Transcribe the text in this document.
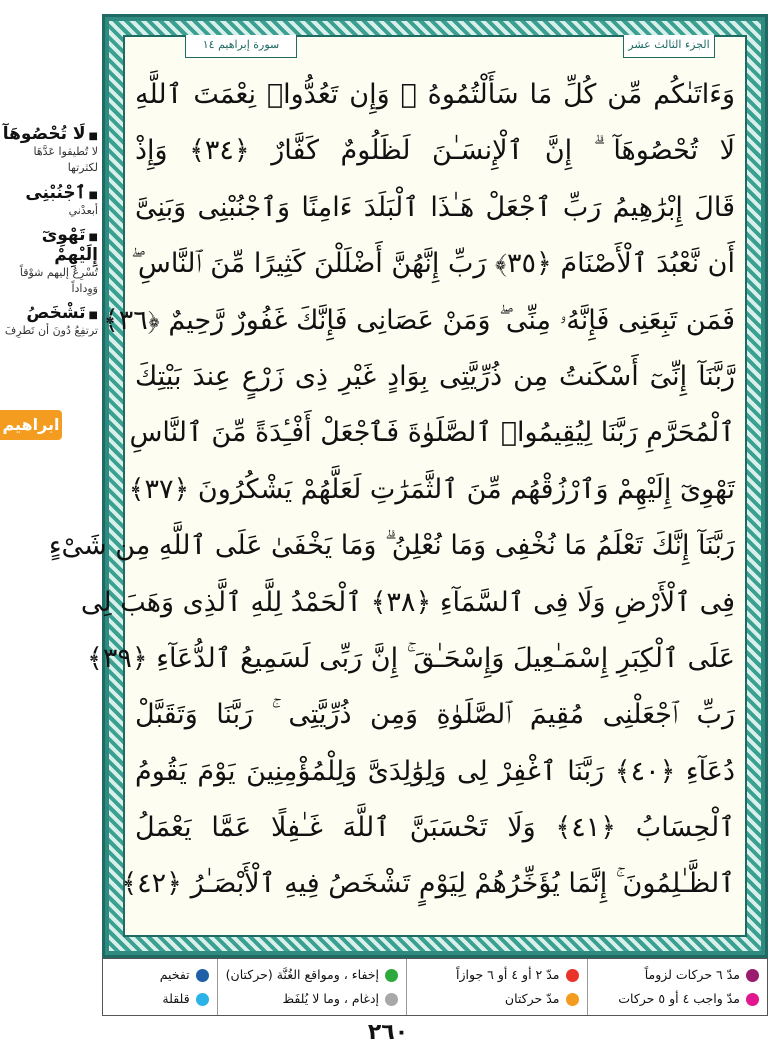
سورة إبراهيم ١٤	الجزء الثالث عشر
وَءَاتَىٰكُم مِّن كُلِّ مَا سَأَلْتُمُوهُ ۚ وَإِن تَعُدُّوا۟ نِعْمَتَ ٱللَّهِ
لَا تُحْصُوهَآ ۗ إِنَّ ٱلْإِنسَـٰنَ لَظَلُومٌ كَفَّارٌ ﴿٣٤﴾ وَإِذْ
قَالَ إِبْرَٰهِيمُ رَبِّ ٱجْعَلْ هَـٰذَا ٱلْبَلَدَ ءَامِنًا وَٱجْنُبْنِى وَبَنِىَّ
أَن نَّعْبُدَ ٱلْأَصْنَامَ ﴿٣٥﴾ رَبِّ إِنَّهُنَّ أَضْلَلْنَ كَثِيرًا مِّنَ ٱلنَّاسِ ۖ
فَمَن تَبِعَنِى فَإِنَّهُۥ مِنِّى ۖ وَمَنْ عَصَانِى فَإِنَّكَ غَفُورٌ رَّحِيمٌ ﴿٣٦﴾
رَّبَّنَآ إِنِّىٓ أَسْكَنتُ مِن ذُرِّيَّتِى بِوَادٍ غَيْرِ ذِى زَرْعٍ عِندَ بَيْتِكَ
ٱلْمُحَرَّمِ رَبَّنَا لِيُقِيمُوا۟ ٱلصَّلَوٰةَ فَٱجْعَلْ أَفْـِٔدَةً مِّنَ ٱلنَّاسِ
تَهْوِىٓ إِلَيْهِمْ وَٱرْزُقْهُم مِّنَ ٱلثَّمَرَٰتِ لَعَلَّهُمْ يَشْكُرُونَ ﴿٣٧﴾
رَبَّنَآ إِنَّكَ تَعْلَمُ مَا نُخْفِى وَمَا نُعْلِنُ ۗ وَمَا يَخْفَىٰ عَلَى ٱللَّهِ مِن شَىْءٍ
فِى ٱلْأَرْضِ وَلَا فِى ٱلسَّمَآءِ ﴿٣٨﴾ ٱلْحَمْدُ لِلَّهِ ٱلَّذِى وَهَبَ لِى
عَلَى ٱلْكِبَرِ إِسْمَـٰعِيلَ وَإِسْحَـٰقَ ۚ إِنَّ رَبِّى لَسَمِيعُ ٱلدُّعَآءِ ﴿٣٩﴾
رَبِّ ٱجْعَلْنِى مُقِيمَ ٱلصَّلَوٰةِ وَمِن ذُرِّيَّتِى ۚ رَبَّنَا وَتَقَبَّلْ
دُعَآءِ ﴿٤٠﴾ رَبَّنَا ٱغْفِرْ لِى وَلِوَٰلِدَىَّ وَلِلْمُؤْمِنِينَ يَوْمَ يَقُومُ
ٱلْحِسَابُ ﴿٤١﴾ وَلَا تَحْسَبَنَّ ٱللَّهَ غَـٰفِلًا عَمَّا يَعْمَلُ
ٱلظَّـٰلِمُونَ ۚ إِنَّمَا يُؤَخِّرُهُمْ لِيَوْمٍ تَشْخَصُ فِيهِ ٱلْأَبْصَـٰرُ ﴿٤٢﴾
■لَا تُحْصُوهَآ
لا تُطيقوا عَدَّهَا لكثرتها
■ٱجْنُبْنِى
أبعدْني
■تَهْوِىٓ إِلَيْهِمْ
تُسْرِعُ إليهم شوْقاً وَوِداداً
■تَشْخَصُ
ترتفِعُ دُونَ أن تَطرِفَ
ابراهيم
مدّ ٦ حركات لزوماً
مدّ واجب ٤ أو ٥ حركات
مدّ ٢ أو ٤ أو ٦ جوازاً
مدّ حركتان
إخفاء ، ومواقع الغُنَّة (حركتان)
إدغام ، وما لا يُلفَظ
تفخيم
قلقلة
٢٦٠
